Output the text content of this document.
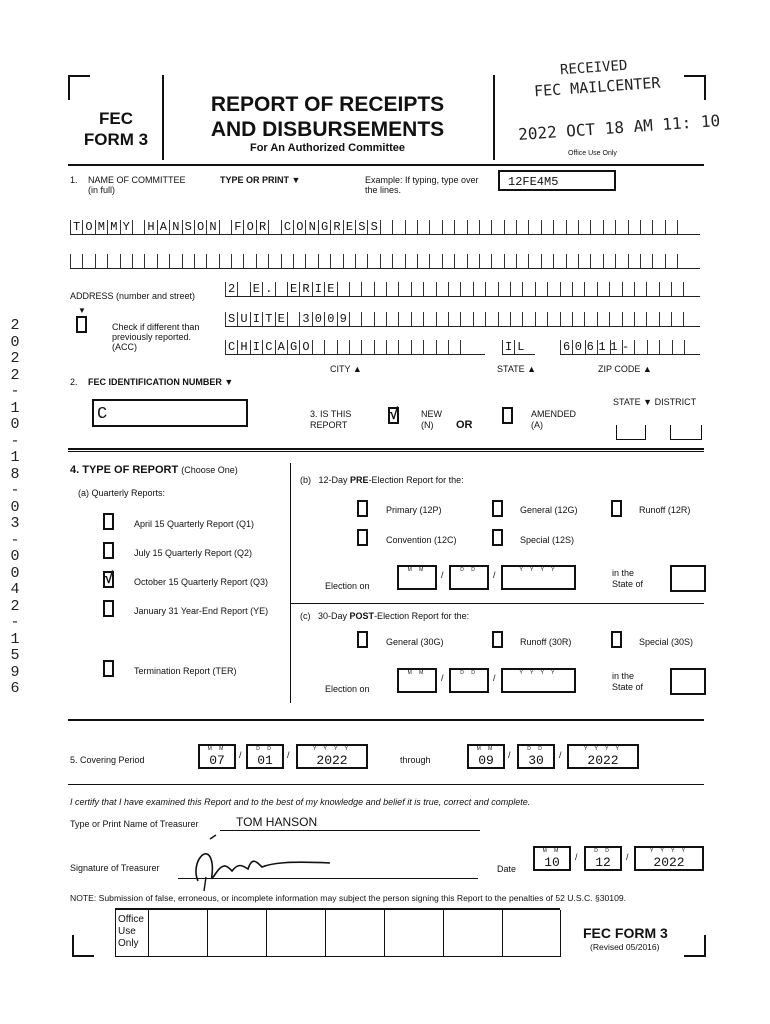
FEC
FORM 3
REPORT OF RECEIPTS
AND DISBURSEMENTS
For An Authorized Committee
RECEIVED
FEC MAILCENTER
2022 OCT 18 AM 11: 10
Office Use Only
2022-10-18-03-0042-1596
1. NAME OF COMMITTEE (in full)
TYPE OR PRINT ▼	Example: If typing, type over the lines.
12FE4M5
TOMMY HANSON FOR CONGRESS
ADDRESS (number and street)	2 E. ERIE
▼
Check if different than previously reported. (ACC)
SUITE 3009
CHICAGO	IL	60611-
CITY ▲	STATE ▲	ZIP CODE ▲
2. FEC IDENTIFICATION NUMBER ▼
C	3. IS THIS REPORT
√ NEW (N)	OR
AMENDED (A)
STATE ▼ DISTRICT
4. TYPE OF REPORT (Choose One)
(a) Quarterly Reports:
April 15 Quarterly Report (Q1)
July 15 Quarterly Report (Q2)
√ October 15 Quarterly Report (Q3)
January 31 Year-End Report (YE)
Termination Report (TER)
(b) 12-Day PRE-Election Report for the:
Primary (12P)	General (12G)	Runoff (12R)
Convention (12C)	Special (12S)
Election on
M M	/	D D	/	Y Y Y Y	in the
State of
(c) 30-Day POST-Election Report for the:
General (30G)	Runoff (30R)	Special (30S)
Election on
M M	/	D D	/	Y Y Y Y	in the
State of
5. Covering Period
M M
07	/
D D
01	/
Y Y Y Y
2022	through
M M
09	/
D D
30	/
Y Y Y Y
2022
I certify that I have examined this Report and to the best of my knowledge and belief it is true, correct and complete.
Type or Print Name of Treasurer	TOM HANSON
Signature of Treasurer	Date
M M
10	/
D D
12	/
Y Y Y Y
2022
NOTE: Submission of false, erroneous, or incomplete information may subject the person signing this Report to the penalties of 52 U.S.C. §30109.
Office
Use
Only
FEC FORM 3
(Revised 05/2016)
